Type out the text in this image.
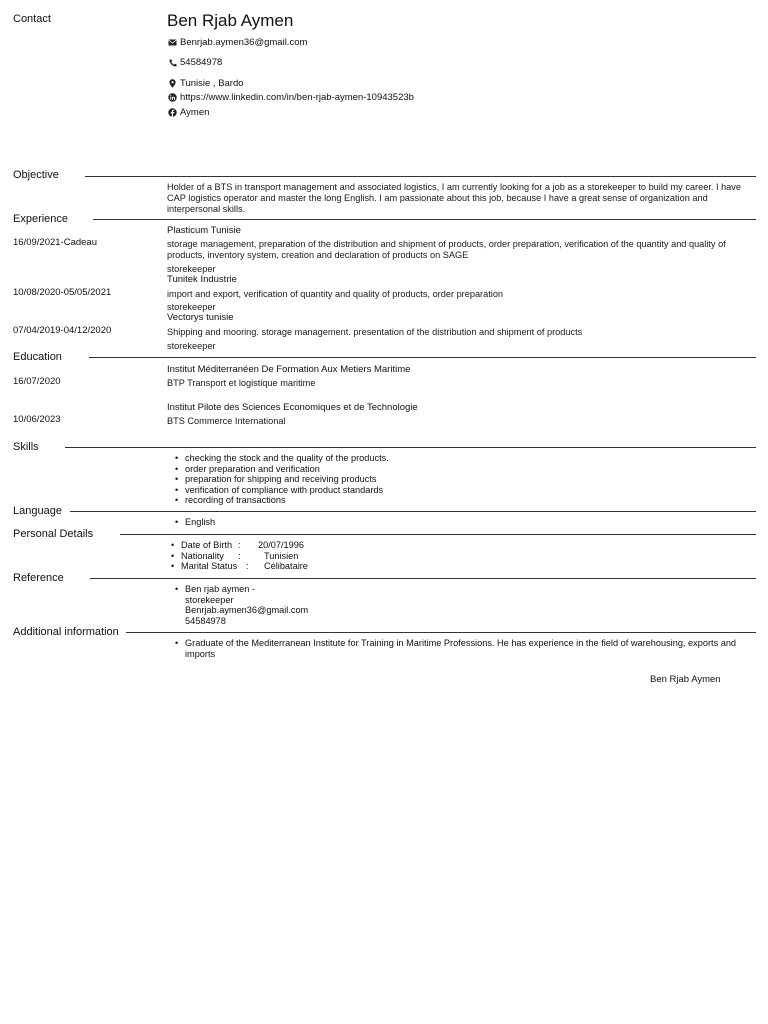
Contact	Ben Rjab Aymen
Benrjab.aymen36@gmail.com
54584978
Tunisie , Bardo
https://www.linkedin.com/in/ben-rjab-aymen-10943523b
Aymen
Objective
Holder of a BTS in transport management and associated logistics, I am currently looking for a job as a storekeeper to build my career. I have CAP logistics operator and master the long English. I am passionate about this job, because I have a great sense of organization and interpersonal skills.
Experience
16/09/2021-Cadeau
Plasticum Tunisie
storage management, preparation of the distribution and shipment of products, order preparation, verification of the quantity and quality of products, inventory system, creation and declaration of products on SAGE
storekeeper
10/08/2020-05/05/2021
Tunitek Industrie
import and export, verification of quantity and quality of products, order preparation
storekeeper
07/04/2019-04/12/2020
Vectorys tunisie
Shipping and mooring. storage management. presentation of the distribution and shipment of products
storekeeper
Education
16/07/2020
Institut Méditerranéen De Formation Aux Metiers Maritime
BTP Transport et logistique maritime
10/06/2023
Institut Pilote des Sciences Economiques et de Technologie
BTS Commerce International
Skills
• checking the stock and the quality of the products.
• order preparation and verification
• preparation for shipping and receiving products
• verification of compliance with product standards
• recording of transactions
Language
• English
Personal Details
• Date of Birth : 20/07/1996
• Nationality :	Tunisien
• Marital Status : Célibataire
Reference
• Ben rjab aymen -
storekeeper
Benrjab.aymen36@gmail.com
54584978
Additional information
• Graduate of the Mediterranean Institute for Training in Maritime Professions. He has experience in the field of warehousing, exports and imports
Ben Rjab Aymen
